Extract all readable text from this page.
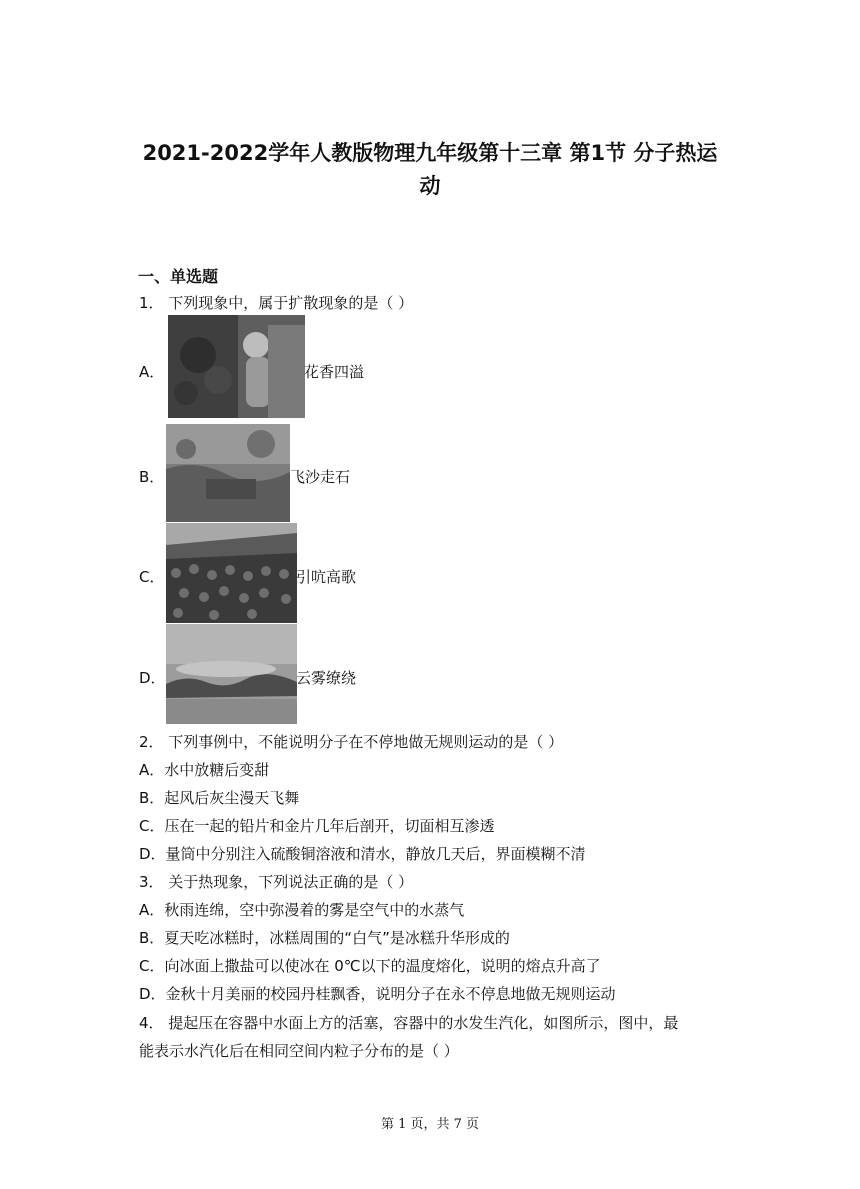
2021-2022学年人教版物理九年级第十三章 第1节 分子热运
动
一、单选题
1． 下列现象中，属于扩散现象的是（ ）
A．	花香四溢
B．	飞沙走石
C．	引吭高歌
D．	云雾缭绕
2． 下列事例中，不能说明分子在不停地做无规则运动的是（ ）
A．水中放糖后变甜
B．起风后灰尘漫天飞舞
C．压在一起的铅片和金片几年后剖开，切面相互渗透
D．量筒中分别注入硫酸铜溶液和清水，静放几天后，界面模糊不清
3． 关于热现象，下列说法正确的是（ ）
A．秋雨连绵，空中弥漫着的雾是空气中的水蒸气
B．夏天吃冰糕时，冰糕周围的“白气”是冰糕升华形成的
C．向冰面上撒盐可以使冰在 0℃以下的温度熔化，说明的熔点升高了
D．金秋十月美丽的校园丹桂飘香，说明分子在永不停息地做无规则运动
4． 提起压在容器中水面上方的活塞，容器中的水发生汽化，如图所示，图中，最
能表示水汽化后在相同空间内粒子分布的是（ ）
第 1 页，共 7 页
